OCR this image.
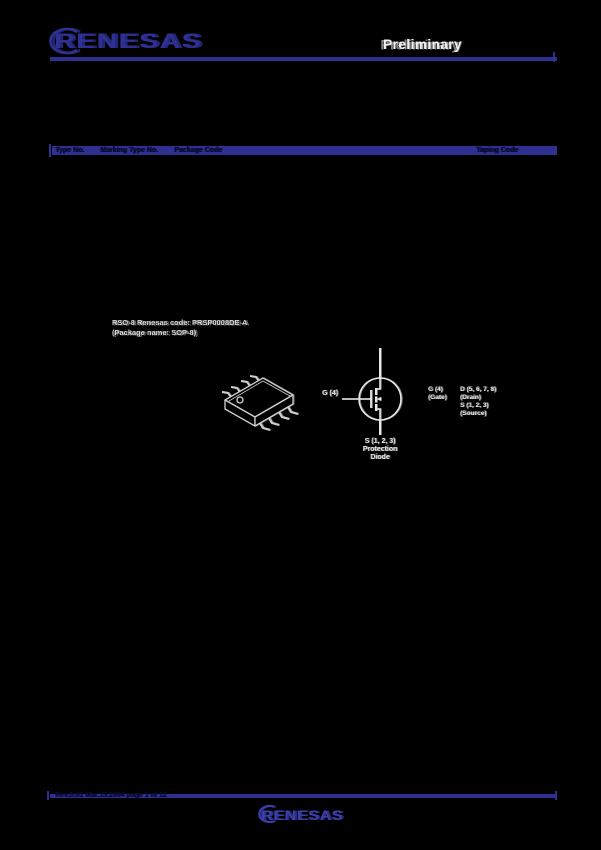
RENESAS	Preliminary
Type No. Marking Type No. Package Code	Taping Code
RSO-8 Renesas code: PRSP0008DE-A
(Package name: SOP-8)
G (4)
S (1, 2, 3)
Protection
Diode
G (4)
(Gate)
D (5, 6, 7, 8)
(Drain)
S (1, 2, 3)
(Source)
Rev.0.01 Mar.15.2004 page 1 of 12
RENESAS
